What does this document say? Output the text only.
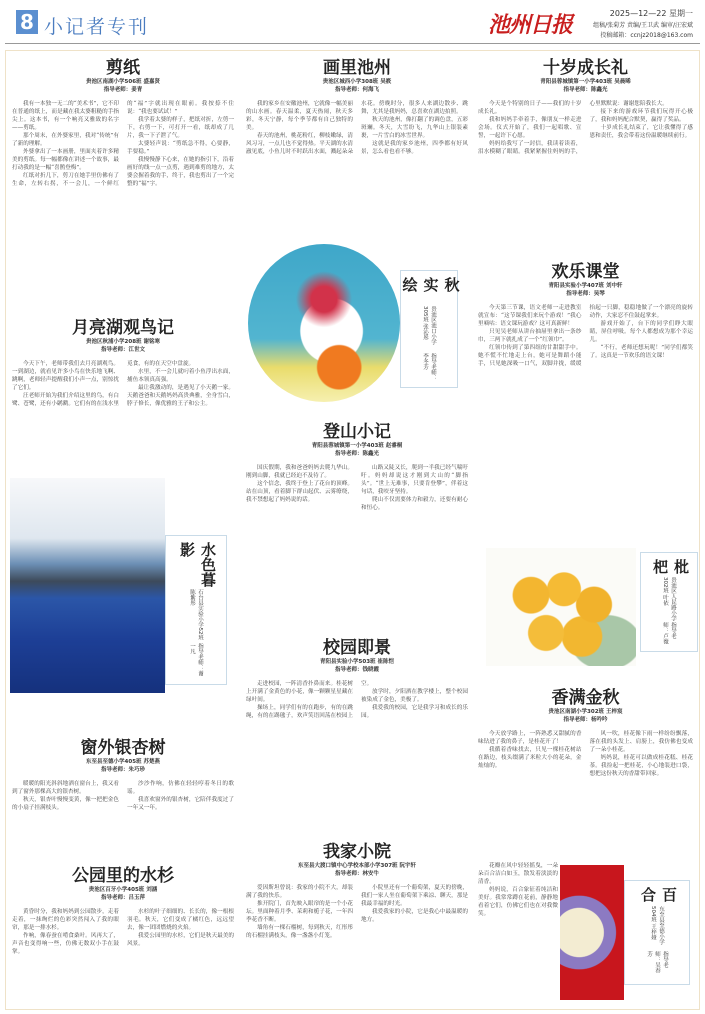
8 小记者专刊	池州日报	2025—12—22 星期一
组稿/张菊芳 责编/王卫武 编审/汪宏斌
投稿邮箱：ccnjz2018@163.com
剪纸
贵池区南湖小学506班 盛嘉贤
指导老师：姜青

我有一本独一无二的“美术书”，它不印在普通的纸上，而是藏在我太婆粗糙的手指尖上。这本书，有一个响亮又雅致的名字——剪纸。

那个周末，在外婆家里，我对“传统”有了新的理解。

外婆拿出了一本画册，里面夹着许多精美的剪纸。每一幅都像在讲述一个故事，最打动我的是一幅“喜鹊登梅”。

红纸对折几下，剪刀在她手里仿佛有了生命，左转右拐，不一会儿，一个鲜红的“福”字就出现在眼前。我按捺不住说：“我也要试试！”

我学着太婆的样子，把纸对折，左剪一下，右剪一下，可打开一看，纸却成了几片，我一下子泄了气。

太婆轻声说：“剪纸急不得，心要静，手要稳。”

我慢慢静下心来，在她的指引下，沿着画好的线一点一点剪，遇到难剪的地方，太婆会握着我的手，终于，我也剪出了一个完整的“福”字。

月亮湖观鸟记
贵池区秋浦小学208班 谢铭寒
指导老师：江世文

今天下午，老师带我们去月亮湖观鸟。一到湖边，就看见许多小鸟在快乐地飞啊、跳啊，老师轻声提醒我们小声一点，别惊扰了它们。

汪老师开始为我们介绍这里的鸟，有白鹭、苍鹭，还有小䴙䴘。它们有的在浅水里觅食，有的在天空中盘旋。

水里，不一会儿就叼着小鱼浮出水面，捕鱼本领真高强。

最让我激动的，是遇见了小天鹅一家。天鹅爸爸和天鹅妈妈高贵典雅，全身雪白，脖子修长，像优雅的王子和公主。

窗外银杏树
东至县至德小学405班 苏楚燕
指导老师：朱巧珍

暖暖的阳光斜斜地洒在窗台上，我又看到了窗外那棵高大的银杏树。

秋天，银杏叶慢慢变黄，像一把把金色的小扇子挂满枝头。

沙沙作响，仿佛在轻轻哼着冬日的歌谣。

我喜欢窗外的银杏树，它陪伴我度过了一年又一年。

公园里的水杉
贵池区百牙小学405班 刘涵
指导老师：吕玉萍

黄昏时分，我和妈妈到公园散步，走着走着，一抹绚烂的色彩突然闯入了我的眼帘，那是一排水杉。

作响，像春蚕在啃食桑叶。风再大了，声音也变得响一些，仿佛无数双小手在鼓掌。

水杉的叶子细细的、长长的，像一根根羽毛。秋天，它们变成了橘红色，远远望去，像一团团燃烧的火焰。

我爱公园里的水杉，它们是秋天最美的风景。

画里池州
贵池区城西小学308班 吴筱
指导老师：何海飞

我的家乡在安徽池州，它就像一幅美丽的山水画。春天温柔，夏天热闹，秋天多彩，冬天宁静，每个季节都有自己独特的美。

春天的池州，桃花粉红，柳枝嫩绿，清风习习，一点儿也不觉得热。平天湖的水清澈见底，小鱼儿时不时跃出水面，溅起朵朵水花。傍晚时分，很多人来湖边散步、跳舞，尤其是我妈妈，总喜欢在湖边拍照。

秋天的池州，像打翻了的调色盘，五彩斑斓。冬天，大雪纷飞，九华山上银装素裹，一片雪白的冰雪世界。

这就是我的家乡池州，四季都有好风景，怎么看也看不够。

登山小记
青阳县蓉城镇第一小学403班 赵睿桐
指导老师：陈鑫光

国庆假期，我和爸爸妈妈去爬九华山。刚到山脚，我就已经迫不及待了。

这个信念，我终于登上了花台的顶峰。站在山顶，看着脚下群山起伏、云雾缭绕，我不禁想起了妈妈说的话。

山路又陡又长，爬到一半我已经气喘吁吁。妈妈却说这才刚到大山的“脚指头”。“世上无难事，只要肯登攀”，伴着这句话，我咬牙坚持。

爬山不仅需要体力和毅力，还要有耐心和恒心。

校园即景
青阳县实验小学503班 崔陈恺
指导老师：钱晓霞

走进校园，一阵清香扑鼻而来。桂花树上开满了金黄色的小花，像一颗颗星星藏在绿叶间。

操场上，同学们有的在跑步，有的在跳绳，有的在踢毽子，欢声笑语回荡在校园上空。

放学时，夕阳洒在教学楼上，整个校园被染成了金色，美极了。

我爱我的校园，它是我学习和成长的乐园。

我家小院
东至县大渡口镇中心学校本部小学307班 阮宇轩
指导老师：林安牛

爱因斯坦曾说：我家的小院不大，却装满了我的快乐。

推开院门，首先映入眼帘的是一个小花坛。里面种着月季、茉莉和栀子花，一年四季花香不断。

墙角有一棵石榴树，每到秋天，红彤彤的石榴挂满枝头，像一盏盏小灯笼。

小院里还有一个葡萄架，夏天的傍晚，我们一家人坐在葡萄架下乘凉、聊天，那是我最幸福的时光。

我爱我家的小院，它是我心中最温暖的地方。

十岁成长礼
青阳县蓉城镇第一小学403班 吴晨晞
指导老师：陈鑫光

今天是个特别的日子——我们的十岁成长礼。

我和妈妈手牵着手，像朋友一样走进会场。仪式开始了，我们一起唱歌、宣誓，一起许下心愿。

妈妈给我写了一封信，我读着读着，泪水模糊了眼睛。我紧紧握住妈妈的手，心里默默说：谢谢您陪我长大。

接下来的游戏环节我们玩得开心极了，我和妈妈配合默契，赢得了奖品。

十岁成长礼结束了，它让我懂得了感恩和责任，我会带着这份温暖继续前行。

欢乐课堂
青阳县实验小学407班 刘中轩
指导老师：吴琴

今天第三节课，语文老师一走进教室就宣布：“这节课我们来玩个游戏！”我心里嘀咕：语文课玩游戏？这可真新鲜！

只见吴老师从讲台抽屉里拿出一条纱巾，三两下就扎成了一个“红领巾”。

红领巾传到了第四组的甘甜甜手中。她不慌不忙地走上台，她可是舞蹈小能手，只见她深吸一口气，双脚并拢，缓缓抬起一只脚，稳稳地做了一个漂亮的旋转动作，大家忍不住鼓起掌来。

游戏开始了，台下的同学们睁大眼睛，屏住呼吸。每个人都想成为那个幸运儿。

“不行，老师还想玩呢！”同学们都笑了。这真是一节欢乐的语文课！

香满金秋
贵池区南湖小学302班 王梓宸
指导老师：杨吟吟

今天放学路上，一阵熟悉又甜腻的香味钻进了我的鼻子，是桂花开了！

我循着香味找去，只见一棵桂花树站在路边，枝头缀满了米粒大小的花朵，金灿灿的。

风一吹，桂花像下雨一样纷纷飘落，落在我的头发上、肩膀上，我仿佛也变成了一朵小桂花。

妈妈说，桂花可以做成桂花糕、桂花茶。我捡起一把桂花，小心地装进口袋，想把这份秋天的香甜带回家。

花瓣在风中轻轻摇曳，一朵朵百合洁白如玉，散发着淡淡的清香。

妈妈说，百合象征着纯洁和美好。我常常蹲在花前，静静地看着它们，仿佛它们也在对我微笑。

秋实绘
贵池区池口小学305班 张沁彤
指导老师：李冬芳
水色暮影
石台县实验小学52班 陈紫彤
指导老师：谢一凡
枇杷
贵池区人民路小学302班 叶依
指导老师：卢薇
百合
东至县至德小学504班 王梓娅
指导老师：吴春芳
